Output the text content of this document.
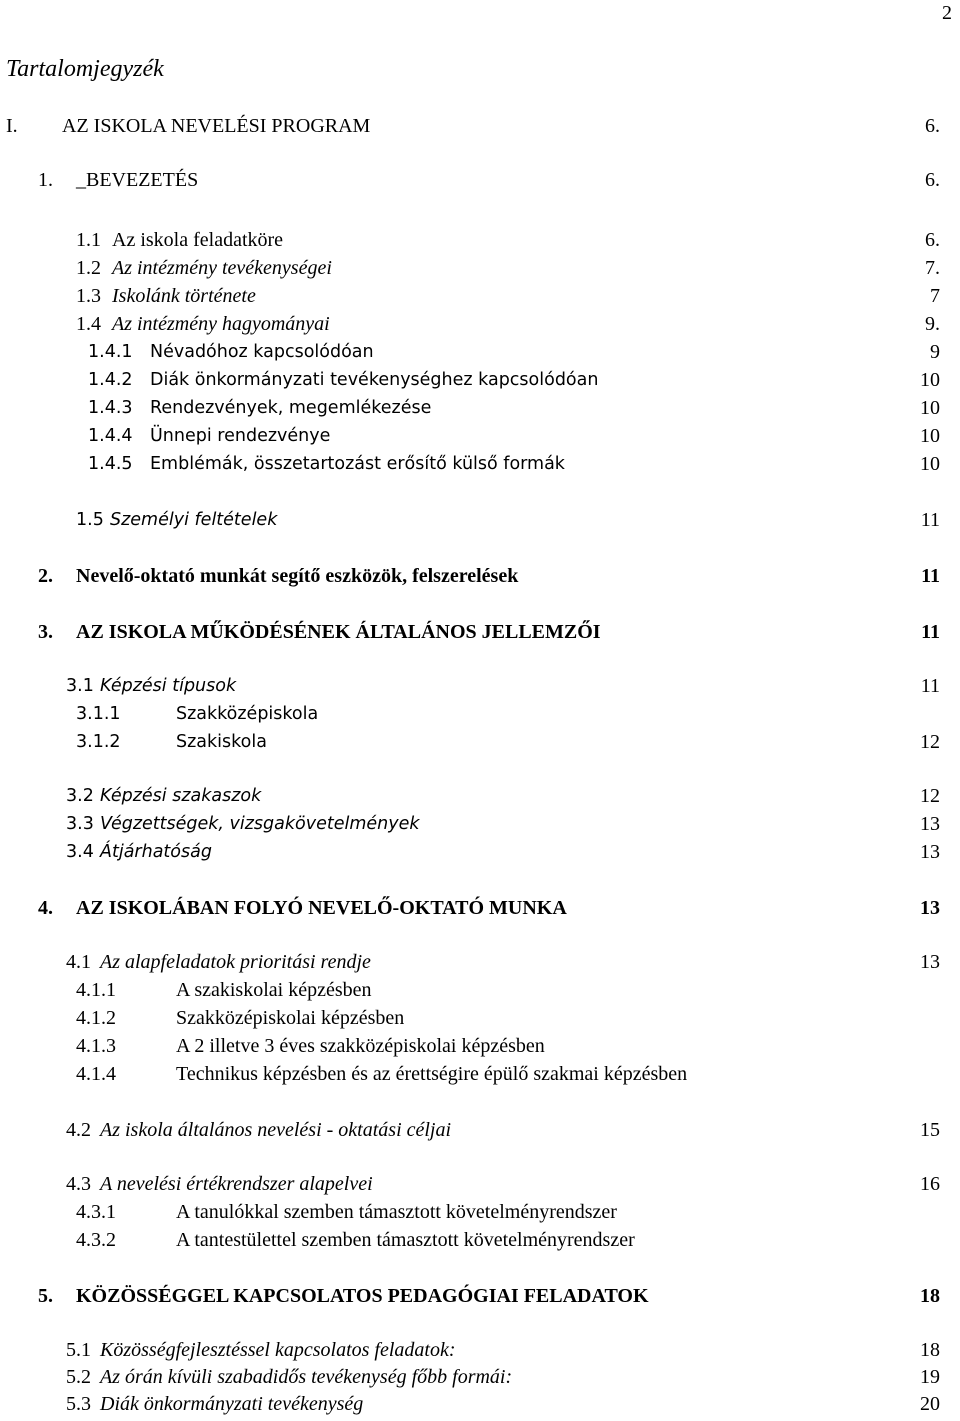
2
Tartalomjegyzék
I. AZ ISKOLA NEVELÉSI PROGRAM	6.
1. _BEVEZETÉS	6.
1.1 Az iskola feladatköre	6.
1.2 Az intézmény tevékenységei	7.
1.3 Iskolánk története	7
1.4 Az intézmény hagyományai	9.
1.4.1 Névadóhoz kapcsolódóan	9
1.4.2 Diák önkormányzati tevékenységhez kapcsolódóan	10
1.4.3 Rendezvények, megemlékezése	10
1.4.4 Ünnepi rendezvénye	10
1.4.5 Emblémák, összetartozást erősítő külső formák	10
1.5 Személyi feltételek	11
2. Nevelő-oktató munkát segítő eszközök, felszerelések	11
3. AZ ISKOLA MŰKÖDÉSÉNEK ÁLTALÁNOS JELLEMZŐI	11
3.1 Képzési típusok	11
3.1.1	Szakközépiskola
3.1.2	Szakiskola	12
3.2 Képzési szakaszok	12
3.3 Végzettségek, vizsgakövetelmények	13
3.4 Átjárhatóság	13
4. AZ ISKOLÁBAN FOLYÓ NEVELŐ-OKTATÓ MUNKA	13
4.1 Az alapfeladatok prioritási rendje	13
4.1.1	A szakiskolai képzésben
4.1.2	Szakközépiskolai képzésben
4.1.3	A 2 illetve 3 éves szakközépiskolai képzésben
4.1.4	Technikus képzésben és az érettségire épülő szakmai képzésben
4.2 Az iskola általános nevelési - oktatási céljai	15
4.3 A nevelési értékrendszer alapelvei	16
4.3.1	A tanulókkal szemben támasztott követelményrendszer
4.3.2	A tantestülettel szemben támasztott követelményrendszer
5. KÖZÖSSÉGGEL KAPCSOLATOS PEDAGÓGIAI FELADATOK	18
5.1 Közösségfejlesztéssel kapcsolatos feladatok:	18
5.2 Az órán kívüli szabadidős tevékenység főbb formái:	19
5.3 Diák önkormányzati tevékenység	20
